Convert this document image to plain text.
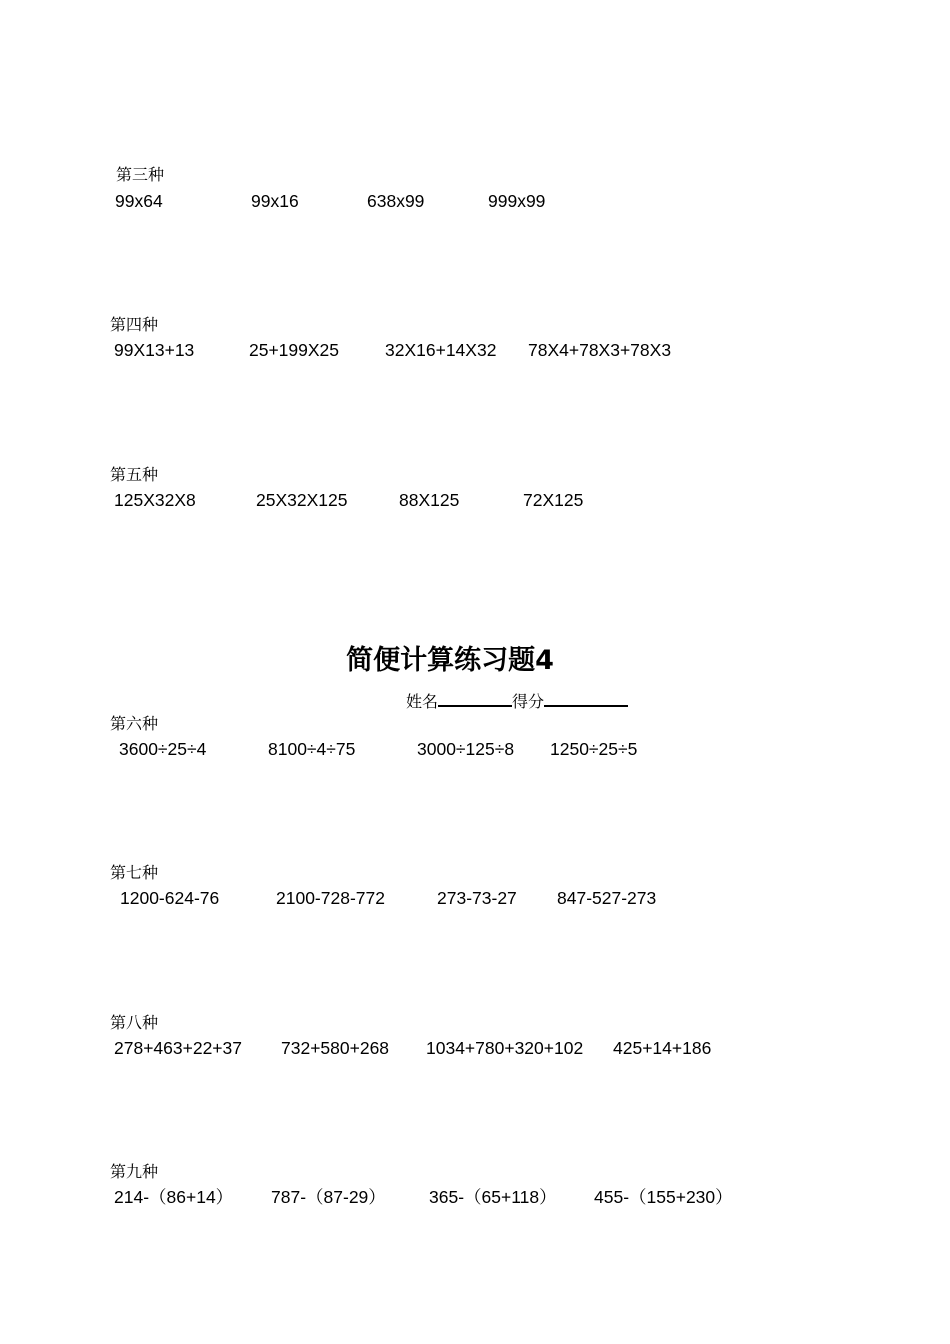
第三种
99x64	99x16	638x99	999x99
第四种
99X13+13	25+199X25	32X16+14X32 78X4+78X3+78X3
第五种
125X32X8	25X32X125	88X125	72X125
简便计算练习题4
姓名	得分
第六种
3600÷25÷4	8100÷4÷75	3000÷125÷8 1250÷25÷5
第七种
1200-624-76	2100-728-772	273-73-27 847-527-273
第八种
278+463+22+37 732+580+268 1034+780+320+102 425+14+186
第九种
214-（86+14） 787-（87-29） 365-（65+118） 455-（155+230）
